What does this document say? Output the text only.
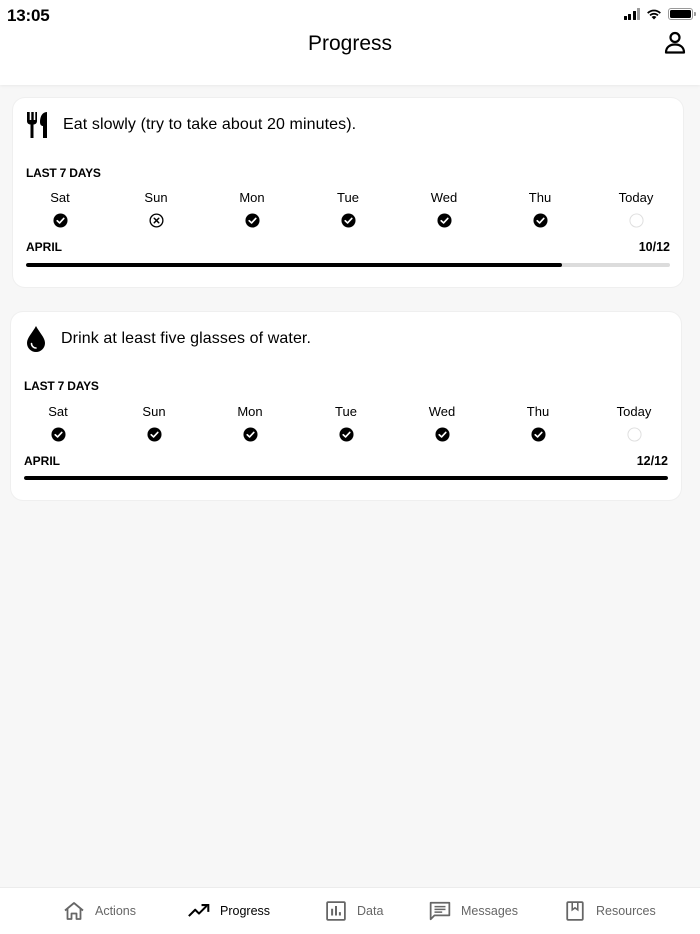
13:05
Progress
Eat slowly (try to take about 20 minutes).
LAST 7 DAYS
Sat	Sun	Mon	Tue	Wed	Thu	Today
APRIL	10/12
Drink at least five glasses of water.
LAST 7 DAYS
Sat	Sun	Mon	Tue	Wed	Thu	Today
APRIL	12/12
Actions	Progress	Data	Messages	Resources
